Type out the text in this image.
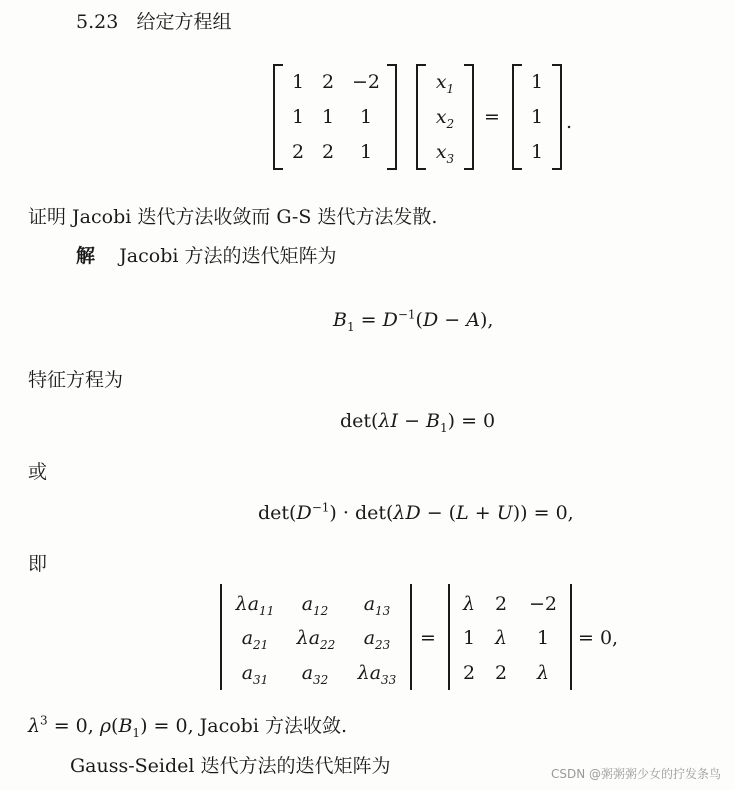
5.23 给定方程组
1 2 −2
1 1 1
2 2 1
$x_1$
$x_2$
$x_3$
=
1
1
1
.
证明 Jacobi 迭代方法收敛而 G-S 迭代方法发散.
解 Jacobi 方法的迭代矩阵为
$B_1 = D^{-1}(D - A)$,
特征方程为
$\det(\lambda I - B_1) = 0$
或
$\det(D^{-1}) \cdot \det(\lambda D - (L + U)) = 0$,
即
$\lambda a_{11}$	$a_{12}$	$a_{13}$
$a_{21}$	$\lambda a_{22}$	$a_{23}$
$a_{31}$	$a_{32}$	$\lambda a_{33}$
=
λ 2 −2
1 λ 1
2 2 λ
= 0,
$\lambda^3 = 0$, $\rho(B_1) = 0$, Jacobi 方法收敛.
Gauss-Seidel 迭代方法的迭代矩阵为	CSDN @粥粥粥少女的拧发条鸟
